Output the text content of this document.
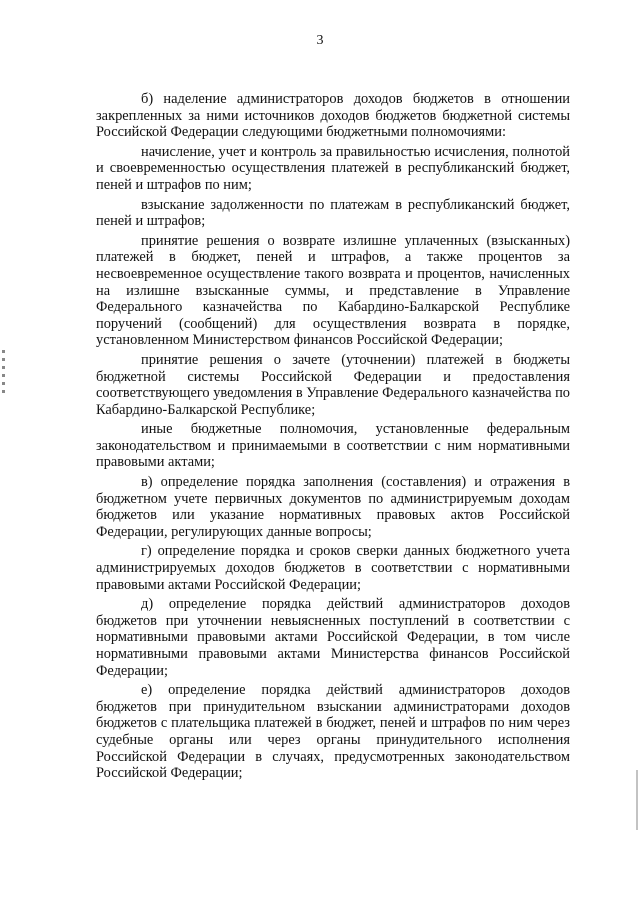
3

б) наделение администраторов доходов бюджетов в отношении закрепленных за ними источников доходов бюджетов бюджетной системы Российской Федерации следующими бюджетными полномочиями:

начисление, учет и контроль за правильностью исчисления, полнотой и своевременностью осуществления платежей в республиканский бюджет, пеней и штрафов по ним;

взыскание задолженности по платежам в республиканский бюджет, пеней и штрафов;

принятие решения о возврате излишне уплаченных (взысканных) платежей в бюджет, пеней и штрафов, а также процентов за несвоевременное осуществление такого возврата и процентов, начисленных на излишне взысканные суммы, и представление в Управление Федерального казначейства по Кабардино-Балкарской Республике поручений (сообщений) для осуществления возврата в порядке, установленном Министерством финансов Российской Федерации;

принятие решения о зачете (уточнении) платежей в бюджеты бюджетной системы Российской Федерации и предоставления соответствующего уведомления в Управление Федерального казначейства по Кабардино-Балкарской Республике;

иные бюджетные полномочия, установленные федеральным законодательством и принимаемыми в соответствии с ним нормативными правовыми актами;

в) определение порядка заполнения (составления) и отражения в бюджетном учете первичных документов по администрируемым доходам бюджетов или указание нормативных правовых актов Российской Федерации, регулирующих данные вопросы;

г) определение порядка и сроков сверки данных бюджетного учета администрируемых доходов бюджетов в соответствии с нормативными правовыми актами Российской Федерации;

д) определение порядка действий администраторов доходов бюджетов при уточнении невыясненных поступлений в соответствии с нормативными правовыми актами Российской Федерации, в том числе нормативными правовыми актами Министерства финансов Российской Федерации;

е) определение порядка действий администраторов доходов бюджетов при принудительном взыскании администраторами доходов бюджетов с плательщика платежей в бюджет, пеней и штрафов по ним через судебные органы или через органы принудительного исполнения Российской Федерации в случаях, предусмотренных законодательством Российской Федерации;
